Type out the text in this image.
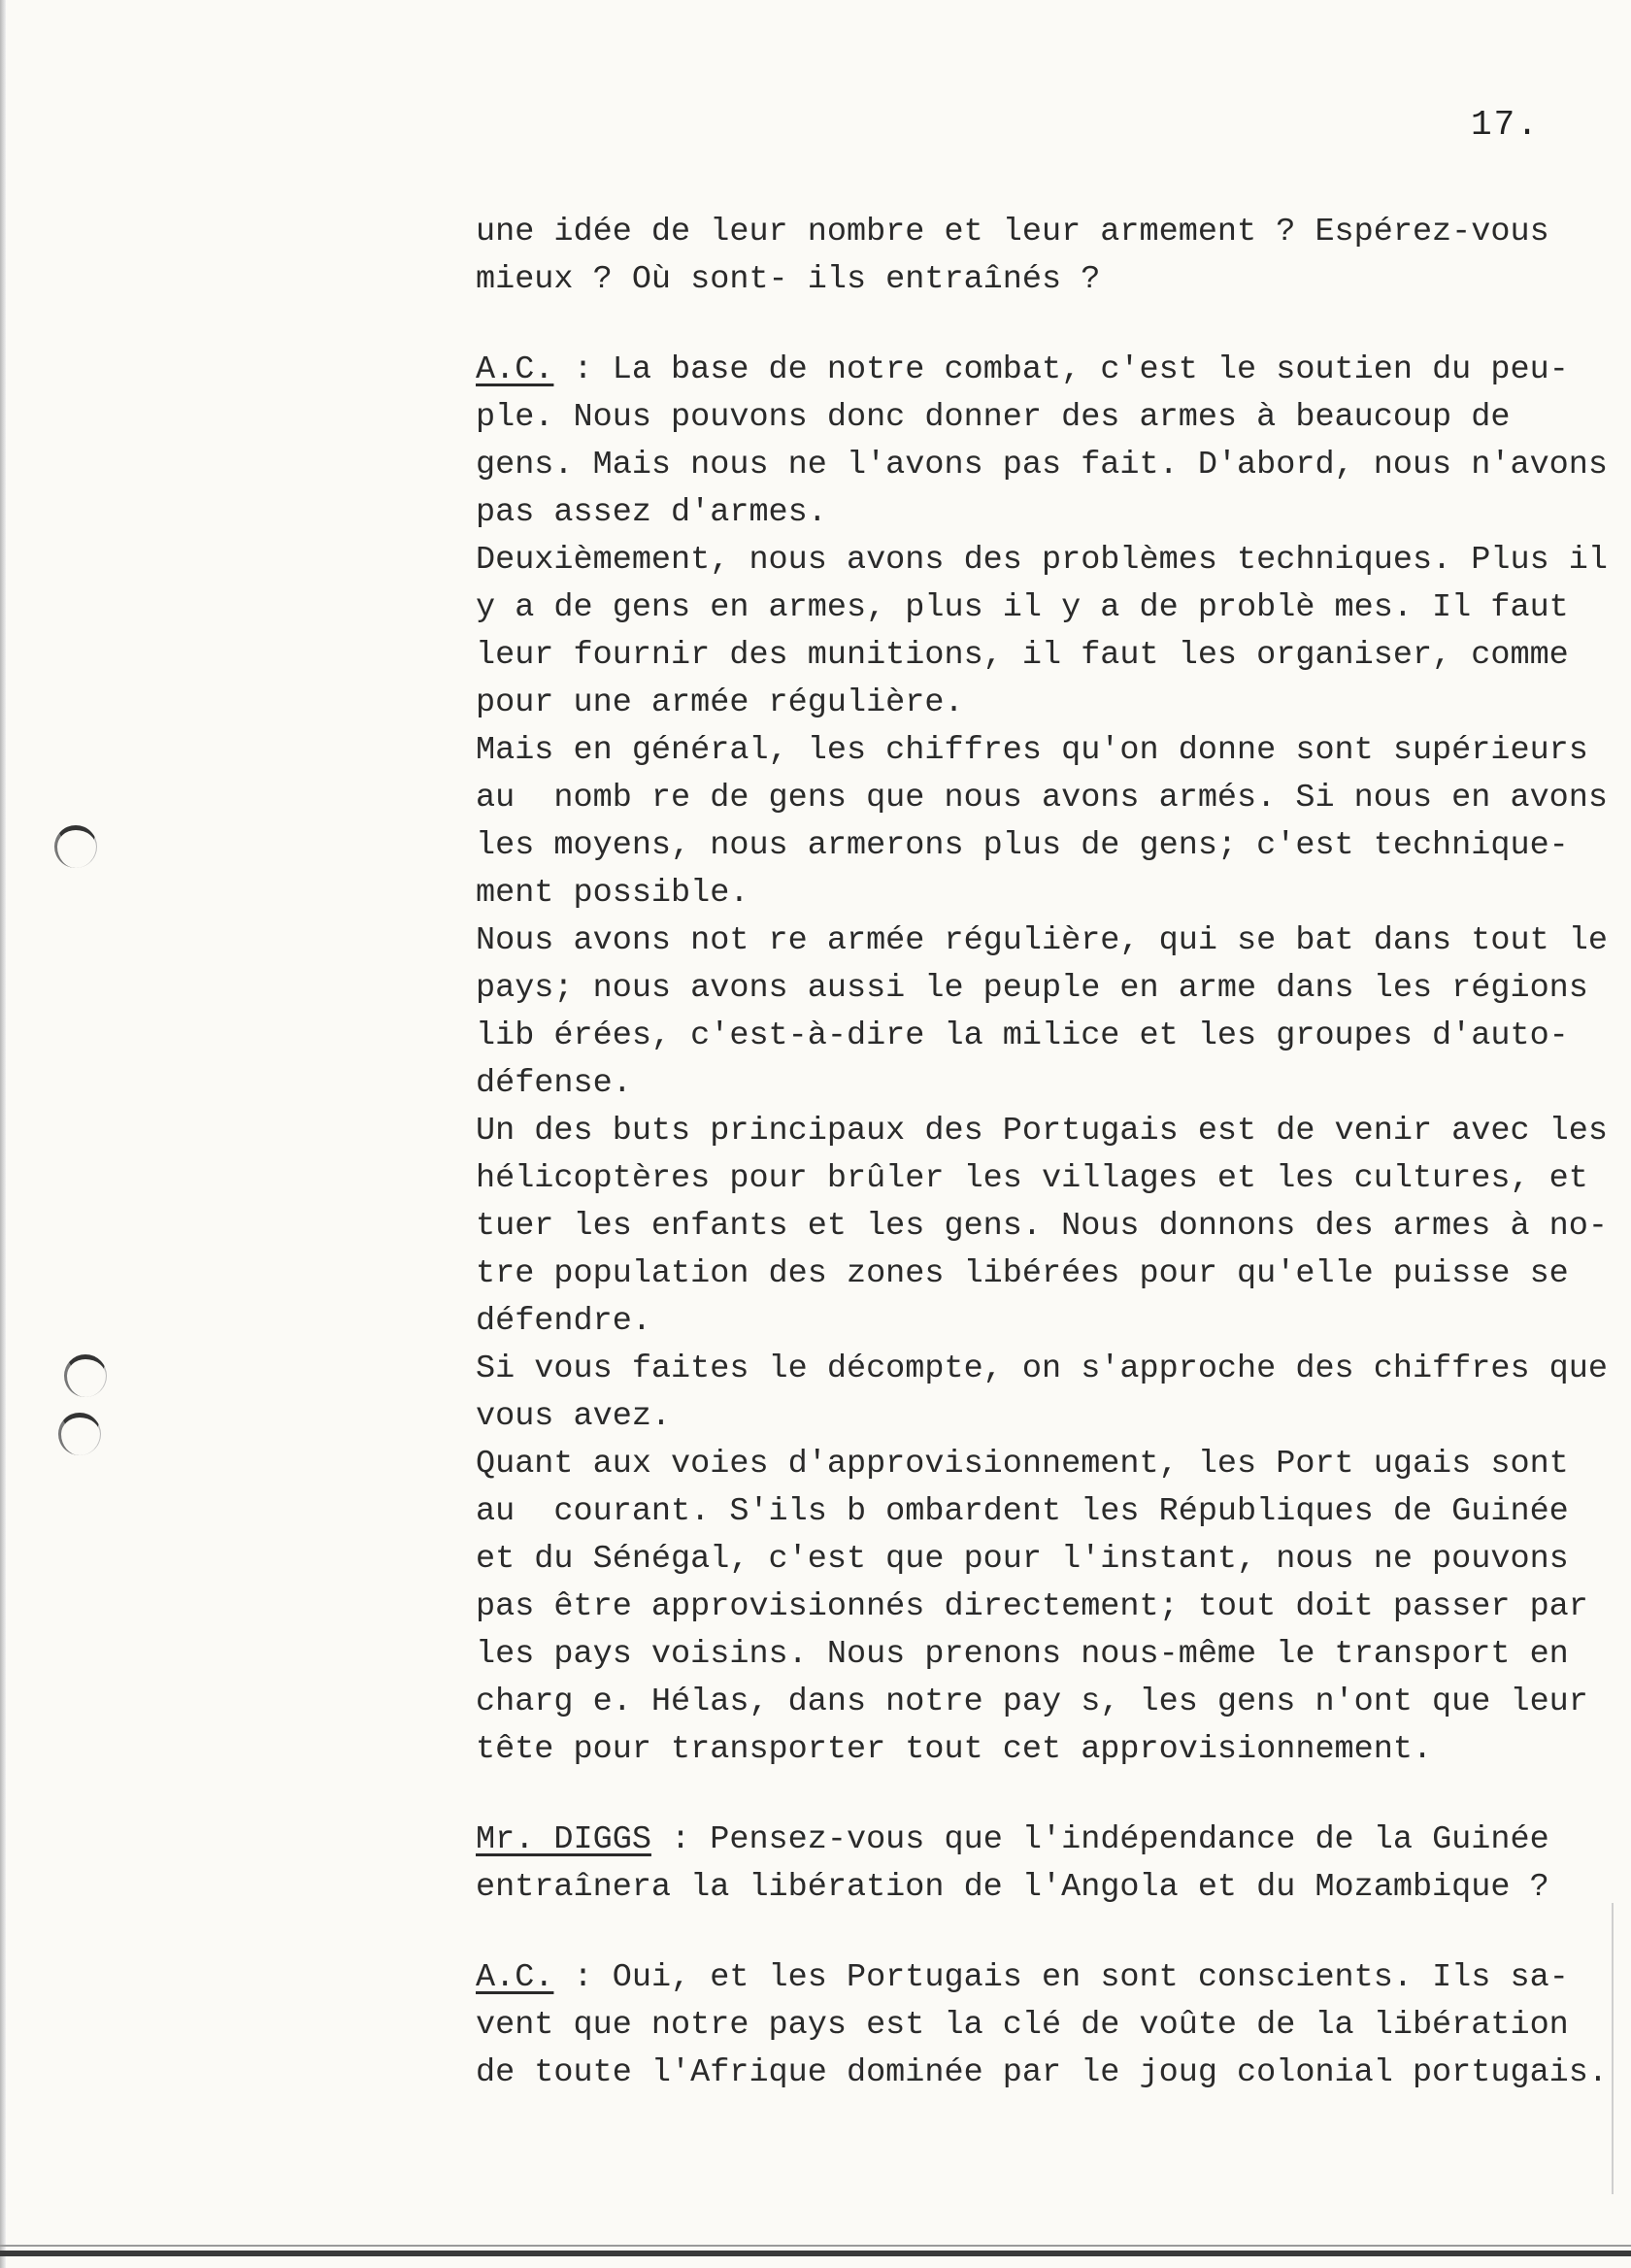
17.
une idée de leur nombre et leur armement ? Espérez-vous
mieux ? Où sont- ils entraînés ?
A.C. : La base de notre combat, c'est le soutien du peu-
ple. Nous pouvons donc donner des armes à beaucoup de
gens. Mais nous ne l'avons pas fait. D'abord, nous n'avons
pas assez d'armes.
Deuxièmement, nous avons des problèmes techniques. Plus il
y a de gens en armes, plus il y a de problè mes. Il faut
leur fournir des munitions, il faut les organiser, comme
pour une armée régulière.
Mais en général, les chiffres qu'on donne sont supérieurs
au  nomb re de gens que nous avons armés. Si nous en avons
les moyens, nous armerons plus de gens; c'est technique-
ment possible.
Nous avons not re armée régulière, qui se bat dans tout le
pays; nous avons aussi le peuple en arme dans les régions
lib érées, c'est-à-dire la milice et les groupes d'auto-
défense.
Un des buts principaux des Portugais est de venir avec les
hélicoptères pour brûler les villages et les cultures, et
tuer les enfants et les gens. Nous donnons des armes à no-
tre population des zones libérées pour qu'elle puisse se
défendre.
Si vous faites le décompte, on s'approche des chiffres que
vous avez.
Quant aux voies d'approvisionnement, les Port ugais sont
au  courant. S'ils b ombardent les Républiques de Guinée
et du Sénégal, c'est que pour l'instant, nous ne pouvons
pas être approvisionnés directement; tout doit passer par
les pays voisins. Nous prenons nous-même le transport en
charg e. Hélas, dans notre pay s, les gens n'ont que leur
tête pour transporter tout cet approvisionnement.
Mr. DIGGS : Pensez-vous que l'indépendance de la Guinée
entraînera la libération de l'Angola et du Mozambique ?
A.C. : Oui, et les Portugais en sont conscients. Ils sa-
vent que notre pays est la clé de voûte de la libération
de toute l'Afrique dominée par le joug colonial portugais.
